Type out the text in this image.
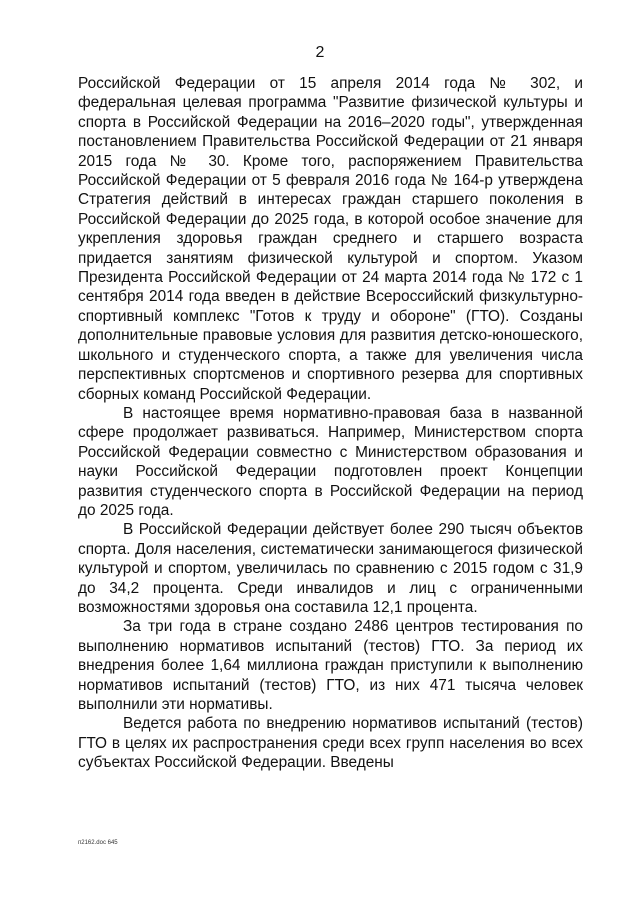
2

Российской Федерации от 15 апреля 2014 года № 302, и федеральная целевая программа "Развитие физической культуры и спорта в Российской Федерации на 2016–2020 годы", утвержденная постановлением Правительства Российской Федерации от 21 января 2015 года № 30. Кроме того, распоряжением Правительства Российской Федерации от 5 февраля 2016 года № 164-р утверждена Стратегия действий в интересах граждан старшего поколения в Российской Федерации до 2025 года, в которой особое значение для укрепления здоровья граждан среднего и старшего возраста придается занятиям физической культурой и спортом. Указом Президента Российской Федерации от 24 марта 2014 года № 172 с 1 сентября 2014 года введен в действие Всероссийский физкультурно-спортивный комплекс "Готов к труду и обороне" (ГТО). Созданы дополнительные правовые условия для развития детско-юношеского, школьного и студенческого спорта, а также для увеличения числа перспективных спортсменов и спортивного резерва для спортивных сборных команд Российской Федерации.

В настоящее время нормативно-правовая база в названной сфере продолжает развиваться. Например, Министерством спорта Российской Федерации совместно с Министерством образования и науки Российской Федерации подготовлен проект Концепции развития студенческого спорта в Российской Федерации на период до 2025 года.

В Российской Федерации действует более 290 тысяч объектов спорта. Доля населения, систематически занимающегося физической культурой и спортом, увеличилась по сравнению с 2015 годом с 31,9 до 34,2 процента. Среди инвалидов и лиц с ограниченными возможностями здоровья она составила 12,1 процента.

За три года в стране создано 2486 центров тестирования по выполнению нормативов испытаний (тестов) ГТО. За период их внедрения более 1,64 миллиона граждан приступили к выполнению нормативов испытаний (тестов) ГТО, из них 471 тысяча человек выполнили эти нормативы.

Ведется работа по внедрению нормативов испытаний (тестов) ГТО в целях их распространения среди всех групп населения во всех субъектах Российской Федерации. Введены

п2162.doc 645
